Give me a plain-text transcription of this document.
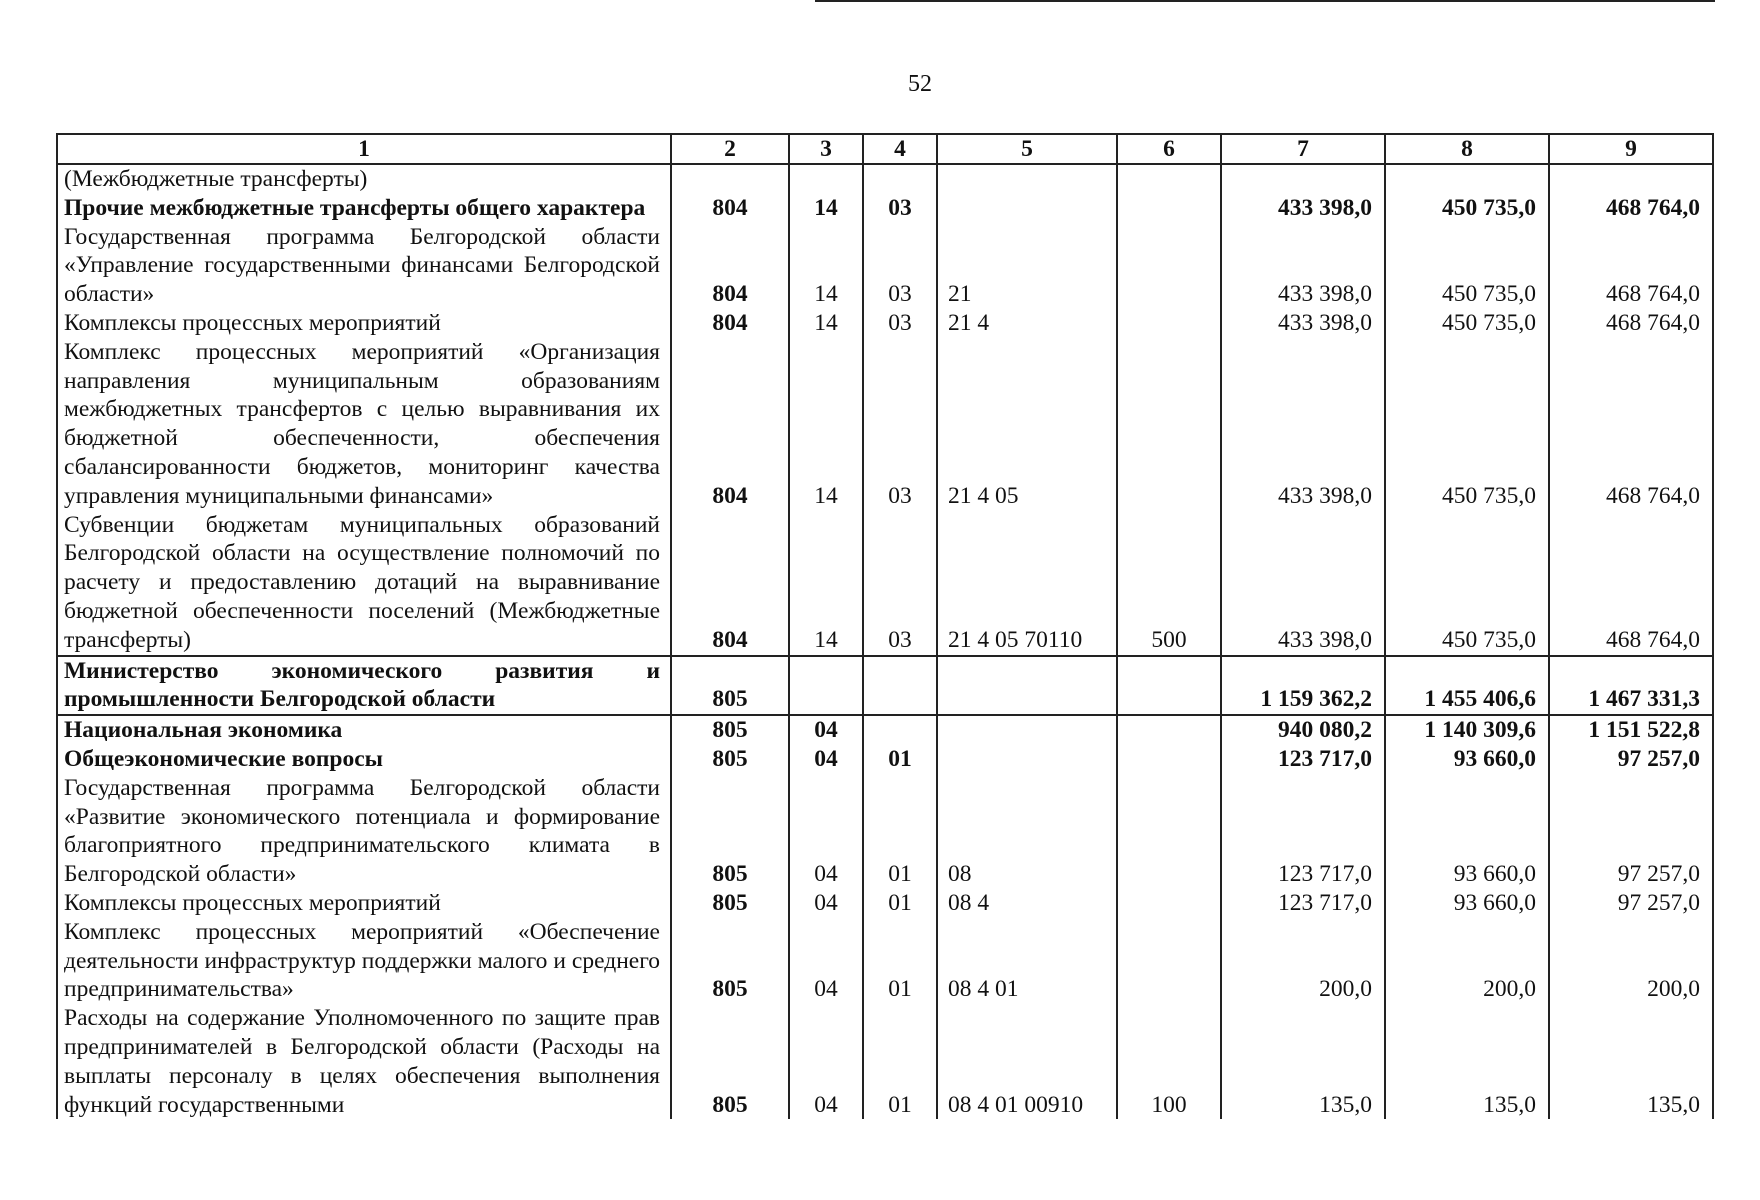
52
1	2	3	4	5	6	7	8	9
(Межбюджетные трансферты)								
Прочие межбюджетные трансферты общего характера	804	14	03			433 398,0	450 735,0	468 764,0
Государственная программа Белгородской области «Управление государственными финансами Белгородской области»	804	14	03	21		433 398,0	450 735,0	468 764,0
Комплексы процессных мероприятий	804	14	03	21 4		433 398,0	450 735,0	468 764,0
Комплекс процессных мероприятий «Организация направления муниципальным образованиям межбюджетных трансфертов с целью выравнивания их бюджетной обеспеченности, обеспечения сбалансированности бюджетов, мониторинг качества управления муниципальными финансами»	804	14	03	21 4 05		433 398,0	450 735,0	468 764,0
Субвенции бюджетам муниципальных образований Белгородской области на осуществление полномочий по расчету и предоставлению дотаций на выравнивание бюджетной обеспеченности поселений (Межбюджетные трансферты)	804	14	03	21 4 05 70110	500	433 398,0	450 735,0	468 764,0
Министерство экономического развития и промышленности Белгородской области	805					1 159 362,2	1 455 406,6	1 467 331,3
Национальная экономика	805	04				940 080,2	1 140 309,6	1 151 522,8
Общеэкономические вопросы	805	04	01			123 717,0	93 660,0	97 257,0
Государственная программа Белгородской области «Развитие экономического потенциала и формирование благоприятного предпринимательского климата в Белгородской области»	805	04	01	08		123 717,0	93 660,0	97 257,0
Комплексы процессных мероприятий	805	04	01	08 4		123 717,0	93 660,0	97 257,0
Комплекс процессных мероприятий «Обеспечение деятельности инфраструктур поддержки малого и среднего предпринимательства»	805	04	01	08 4 01		200,0	200,0	200,0
Расходы на содержание Уполномоченного по защите прав предпринимателей в Белгородской области (Расходы на выплаты персоналу в целях обеспечения выполнения функций государственными	805	04	01	08 4 01 00910	100	135,0	135,0	135,0
